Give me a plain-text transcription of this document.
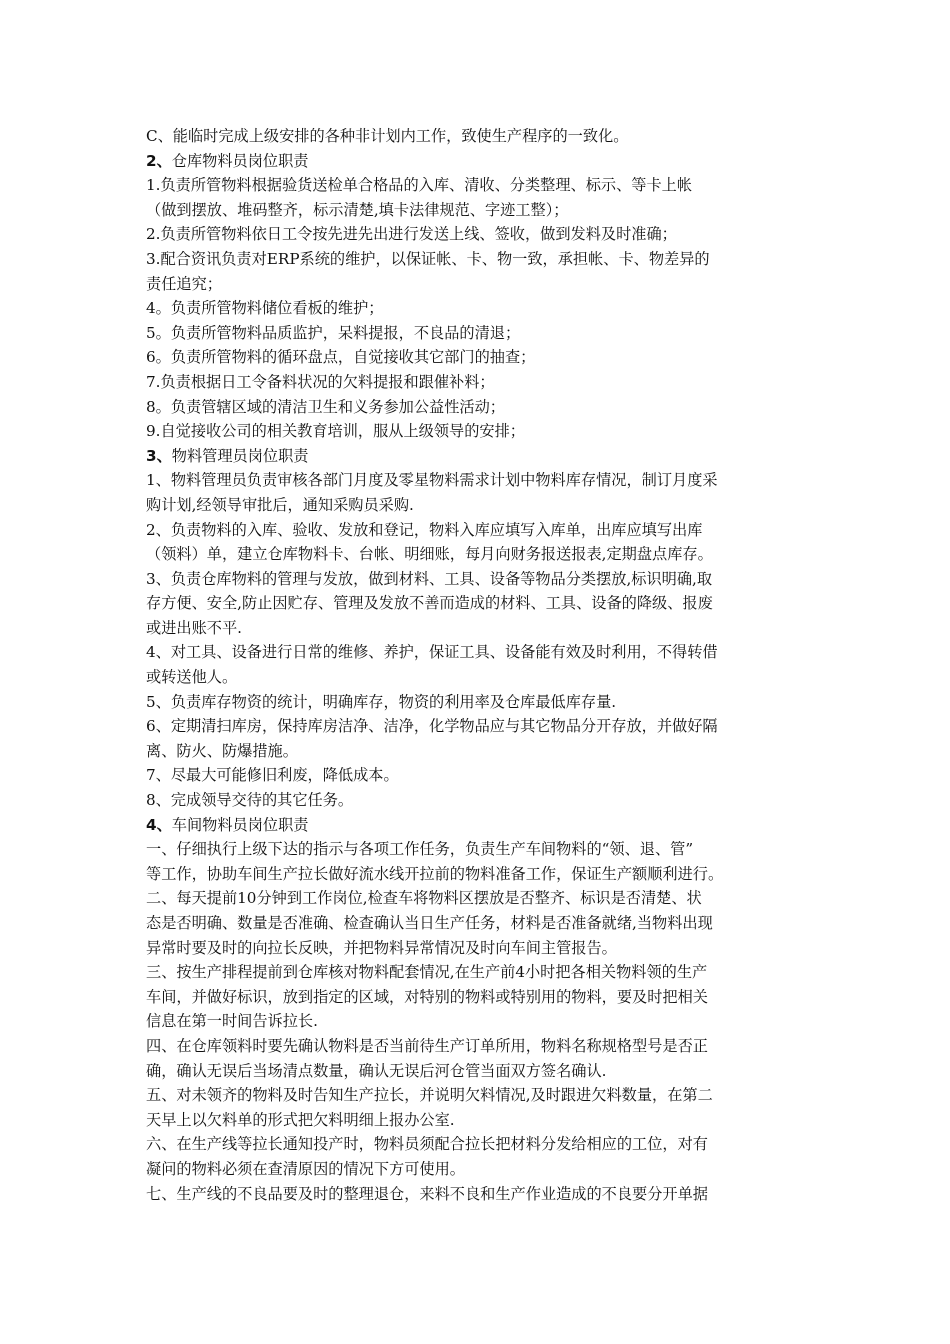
C、能临时完成上级安排的各种非计划内工作，致使生产程序的一致化。
2、仓库物料员岗位职责
1.负责所管物料根据验货送检单合格品的入库、清收、分类整理、标示、等卡上帐
（做到摆放、堆码整齐，标示清楚,填卡法律规范、字迹工整）；
2.负责所管物料依日工令按先进先出进行发送上线、签收，做到发料及时准确；
3.配合资讯负责对ERP系统的维护，以保证帐、卡、物一致，承担帐、卡、物差异的
责任追究；
4。负责所管物料储位看板的维护；
5。负责所管物料品质监护，呆料提报，不良品的清退；
6。负责所管物料的循环盘点，自觉接收其它部门的抽查；
7.负责根据日工令备料状况的欠料提报和跟催补料；
8。负责管辖区域的清洁卫生和义务参加公益性活动；
9.自觉接收公司的相关教育培训，服从上级领导的安排；
3、物料管理员岗位职责
1、物料管理员负责审核各部门月度及零星物料需求计划中物料库存情况，制订月度采
购计划,经领导审批后，通知采购员采购.
2、负责物料的入库、验收、发放和登记，物料入库应填写入库单，出库应填写出库
（领料）单，建立仓库物料卡、台帐、明细账，每月向财务报送报表,定期盘点库存。
3、负责仓库物料的管理与发放，做到材料、工具、设备等物品分类摆放,标识明确,取
存方便、安全,防止因贮存、管理及发放不善而造成的材料、工具、设备的降级、报废
或进出账不平.
4、对工具、设备进行日常的维修、养护，保证工具、设备能有效及时利用，不得转借
或转送他人。
5、负责库存物资的统计，明确库存，物资的利用率及仓库最低库存量.
6、定期清扫库房，保持库房洁净、洁净，化学物品应与其它物品分开存放，并做好隔
离、防火、防爆措施。
7、尽最大可能修旧利废，降低成本。
8、完成领导交待的其它任务。
4、车间物料员岗位职责
一、仔细执行上级下达的指示与各项工作任务，负责生产车间物料的“领、退、管”
等工作，协助车间生产拉长做好流水线开拉前的物料准备工作，保证生产额顺利进行。
二、每天提前10分钟到工作岗位,检查车将物料区摆放是否整齐、标识是否清楚、状
态是否明确、数量是否准确、检查确认当日生产任务，材料是否准备就绪,当物料出现
异常时要及时的向拉长反映，并把物料异常情况及时向车间主管报告。
三、按生产排程提前到仓库核对物料配套情况,在生产前4小时把各相关物料领的生产
车间，并做好标识，放到指定的区域，对特别的物料或特别用的物料，要及时把相关
信息在第一时间告诉拉长.
四、在仓库领料时要先确认物料是否当前待生产订单所用，物料名称规格型号是否正
确，确认无误后当场清点数量，确认无误后河仓管当面双方签名确认.
五、对未领齐的物料及时告知生产拉长，并说明欠料情况,及时跟进欠料数量，在第二
天早上以欠料单的形式把欠料明细上报办公室.
六、在生产线等拉长通知投产时，物料员须配合拉长把材料分发给相应的工位，对有
凝问的物料必须在查清原因的情况下方可使用。
七、生产线的不良品要及时的整理退仓，来料不良和生产作业造成的不良要分开单据
